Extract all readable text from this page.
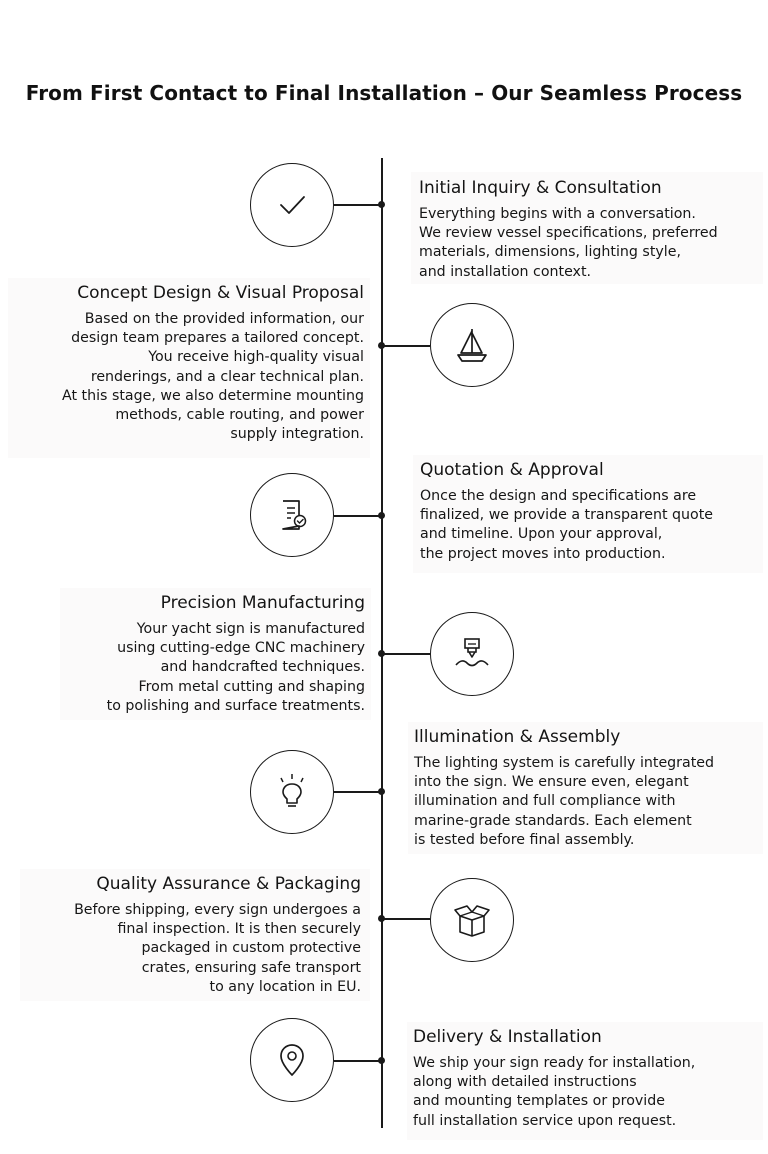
From First Contact to Final Installation – Our Seamless Process
Initial Inquiry & Consultation

Everything begins with a conversation.
We review vessel specifications, preferred
materials, dimensions, lighting style,
and installation context.

Concept Design & Visual Proposal

Based on the provided information, our
design team prepares a tailored concept.
You receive high-quality visual
renderings, and a clear technical plan.
At this stage, we also determine mounting
methods, cable routing, and power
supply integration.

Quotation & Approval

Once the design and specifications are
finalized, we provide a transparent quote
and timeline. Upon your approval,
the project moves into production.

Precision Manufacturing

Your yacht sign is manufactured
using cutting-edge CNC machinery
and handcrafted techniques.
From metal cutting and shaping
to polishing and surface treatments.

Illumination & Assembly

The lighting system is carefully integrated
into the sign. We ensure even, elegant
illumination and full compliance with
marine-grade standards. Each element
is tested before final assembly.

Quality Assurance & Packaging

Before shipping, every sign undergoes a
final inspection. It is then securely
packaged in custom protective
crates, ensuring safe transport
to any location in EU.

Delivery & Installation

We ship your sign ready for installation,
along with detailed instructions
and mounting templates or provide
full installation service upon request.
